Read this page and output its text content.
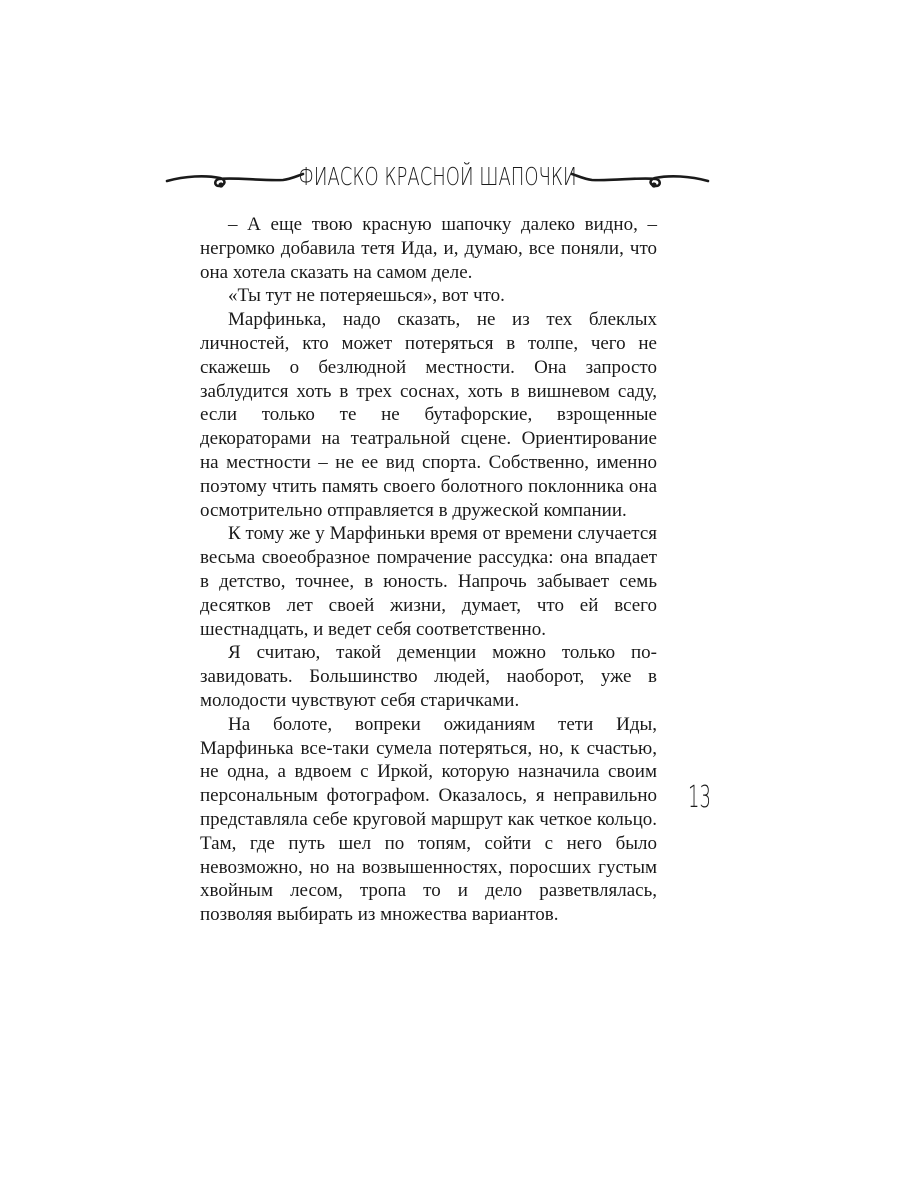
ФИАСКО КРАСНОЙ ШАПОЧКИ

– А еще твою красную шапочку далеко видно, – негромко добавила тетя Ида, и, думаю, все поняли, что она хотела сказать на самом деле.

«Ты тут не потеряешься», вот что.

Марфинька, надо сказать, не из тех блеклых личностей, кто может потеряться в толпе, чего не скажешь о безлюдной местности. Она запросто заблудится хоть в трех соснах, хоть в вишневом саду, если только те не бутафорские, взрощенные декораторами на театральной сцене. Ориентирование на местности – не ее вид спорта. Собственно, именно поэтому чтить память своего болотного поклонника она осмотрительно отправляется в дружеской компании.

К тому же у Марфиньки время от времени случается весьма своеобразное помрачение рассудка: она впадает в детство, точнее, в юность. Напрочь забывает семь десятков лет своей жизни, думает, что ей всего шестнадцать, и ведет себя соответственно.

Я считаю, такой деменции можно только позавидовать. Большинство людей, наоборот, уже в молодости чувствуют себя старичками.

На болоте, вопреки ожиданиям тети Иды, Марфинька все-таки сумела потеряться, но, к счастью, не одна, а вдвоем с Иркой, которую назначила своим персональным фотографом. Оказалось, я неправильно представляла себе круговой маршрут как четкое кольцо. Там, где путь шел по топям, сойти с него было невозможно, но на возвышенностях, поросших густым хвойным лесом, тропа то и дело разветвлялась, позволяя выбирать из множества вариантов.

13
